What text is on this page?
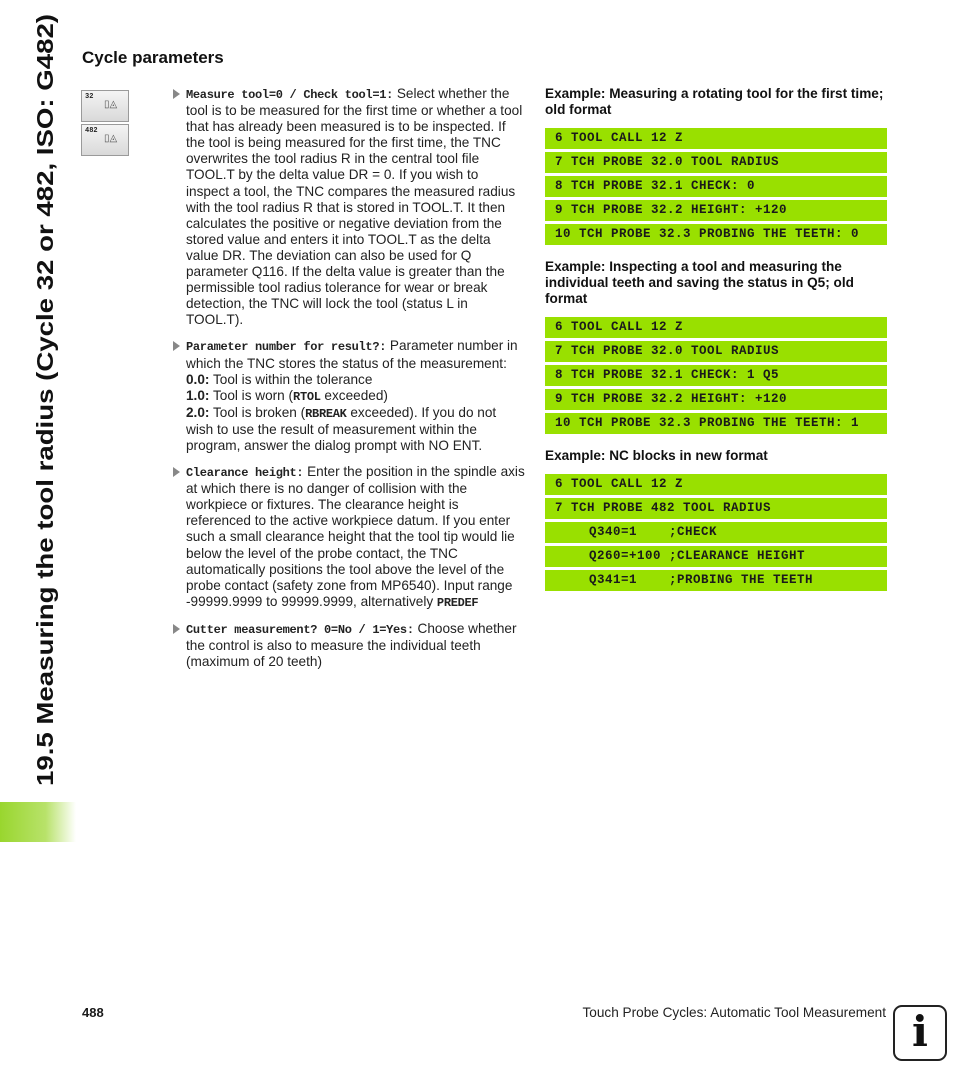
19.5 Measuring the tool radius (Cycle 32 or 482, ISO: G482)
Cycle parameters
32
▯◬
482
▯◬
Measure tool=0 / Check tool=1: Select whether the tool is to be measured for the first time or whether a tool that has already been measured is to be inspected. If the tool is being measured for the first time, the TNC overwrites the tool radius R in the central tool file TOOL.T by the delta value DR = 0. If you wish to inspect a tool, the TNC compares the measured radius with the tool radius R that is stored in TOOL.T. It then calculates the positive or negative deviation from the stored value and enters it into TOOL.T as the delta value DR. The deviation can also be used for Q parameter Q116. If the delta value is greater than the permissible tool radius tolerance for wear or break detection, the TNC will lock the tool (status L in TOOL.T).
Parameter number for result?: Parameter number in which the TNC stores the status of the measurement:
0.0: Tool is within the tolerance
1.0: Tool is worn (RTOL exceeded)
2.0: Tool is broken (RBREAK exceeded). If you do not wish to use the result of measurement within the program, answer the dialog prompt with NO ENT.
Clearance height: Enter the position in the spindle axis at which there is no danger of collision with the workpiece or fixtures. The clearance height is referenced to the active workpiece datum. If you enter such a small clearance height that the tool tip would lie below the level of the probe contact, the TNC automatically positions the tool above the level of the probe contact (safety zone from MP6540). Input range -99999.9999 to 99999.9999, alternatively PREDEF
Cutter measurement? 0=No / 1=Yes: Choose whether the control is also to measure the individual teeth (maximum of 20 teeth)
Example: Measuring a rotating tool for the first time; old format
6 TOOL CALL 12 Z
7 TCH PROBE 32.0 TOOL RADIUS
8 TCH PROBE 32.1 CHECK: 0
9 TCH PROBE 32.2 HEIGHT: +120
10 TCH PROBE 32.3 PROBING THE TEETH: 0
Example: Inspecting a tool and measuring the individual teeth and saving the status in Q5; old format
6 TOOL CALL 12 Z
7 TCH PROBE 32.0 TOOL RADIUS
8 TCH PROBE 32.1 CHECK: 1 Q5
9 TCH PROBE 32.2 HEIGHT: +120
10 TCH PROBE 32.3 PROBING THE TEETH: 1
Example: NC blocks in new format
6 TOOL CALL 12 Z
7 TCH PROBE 482 TOOL RADIUS
Q340=1    ;CHECK
Q260=+100 ;CLEARANCE HEIGHT
Q341=1    ;PROBING THE TEETH
488	Touch Probe Cycles: Automatic Tool Measurement i
